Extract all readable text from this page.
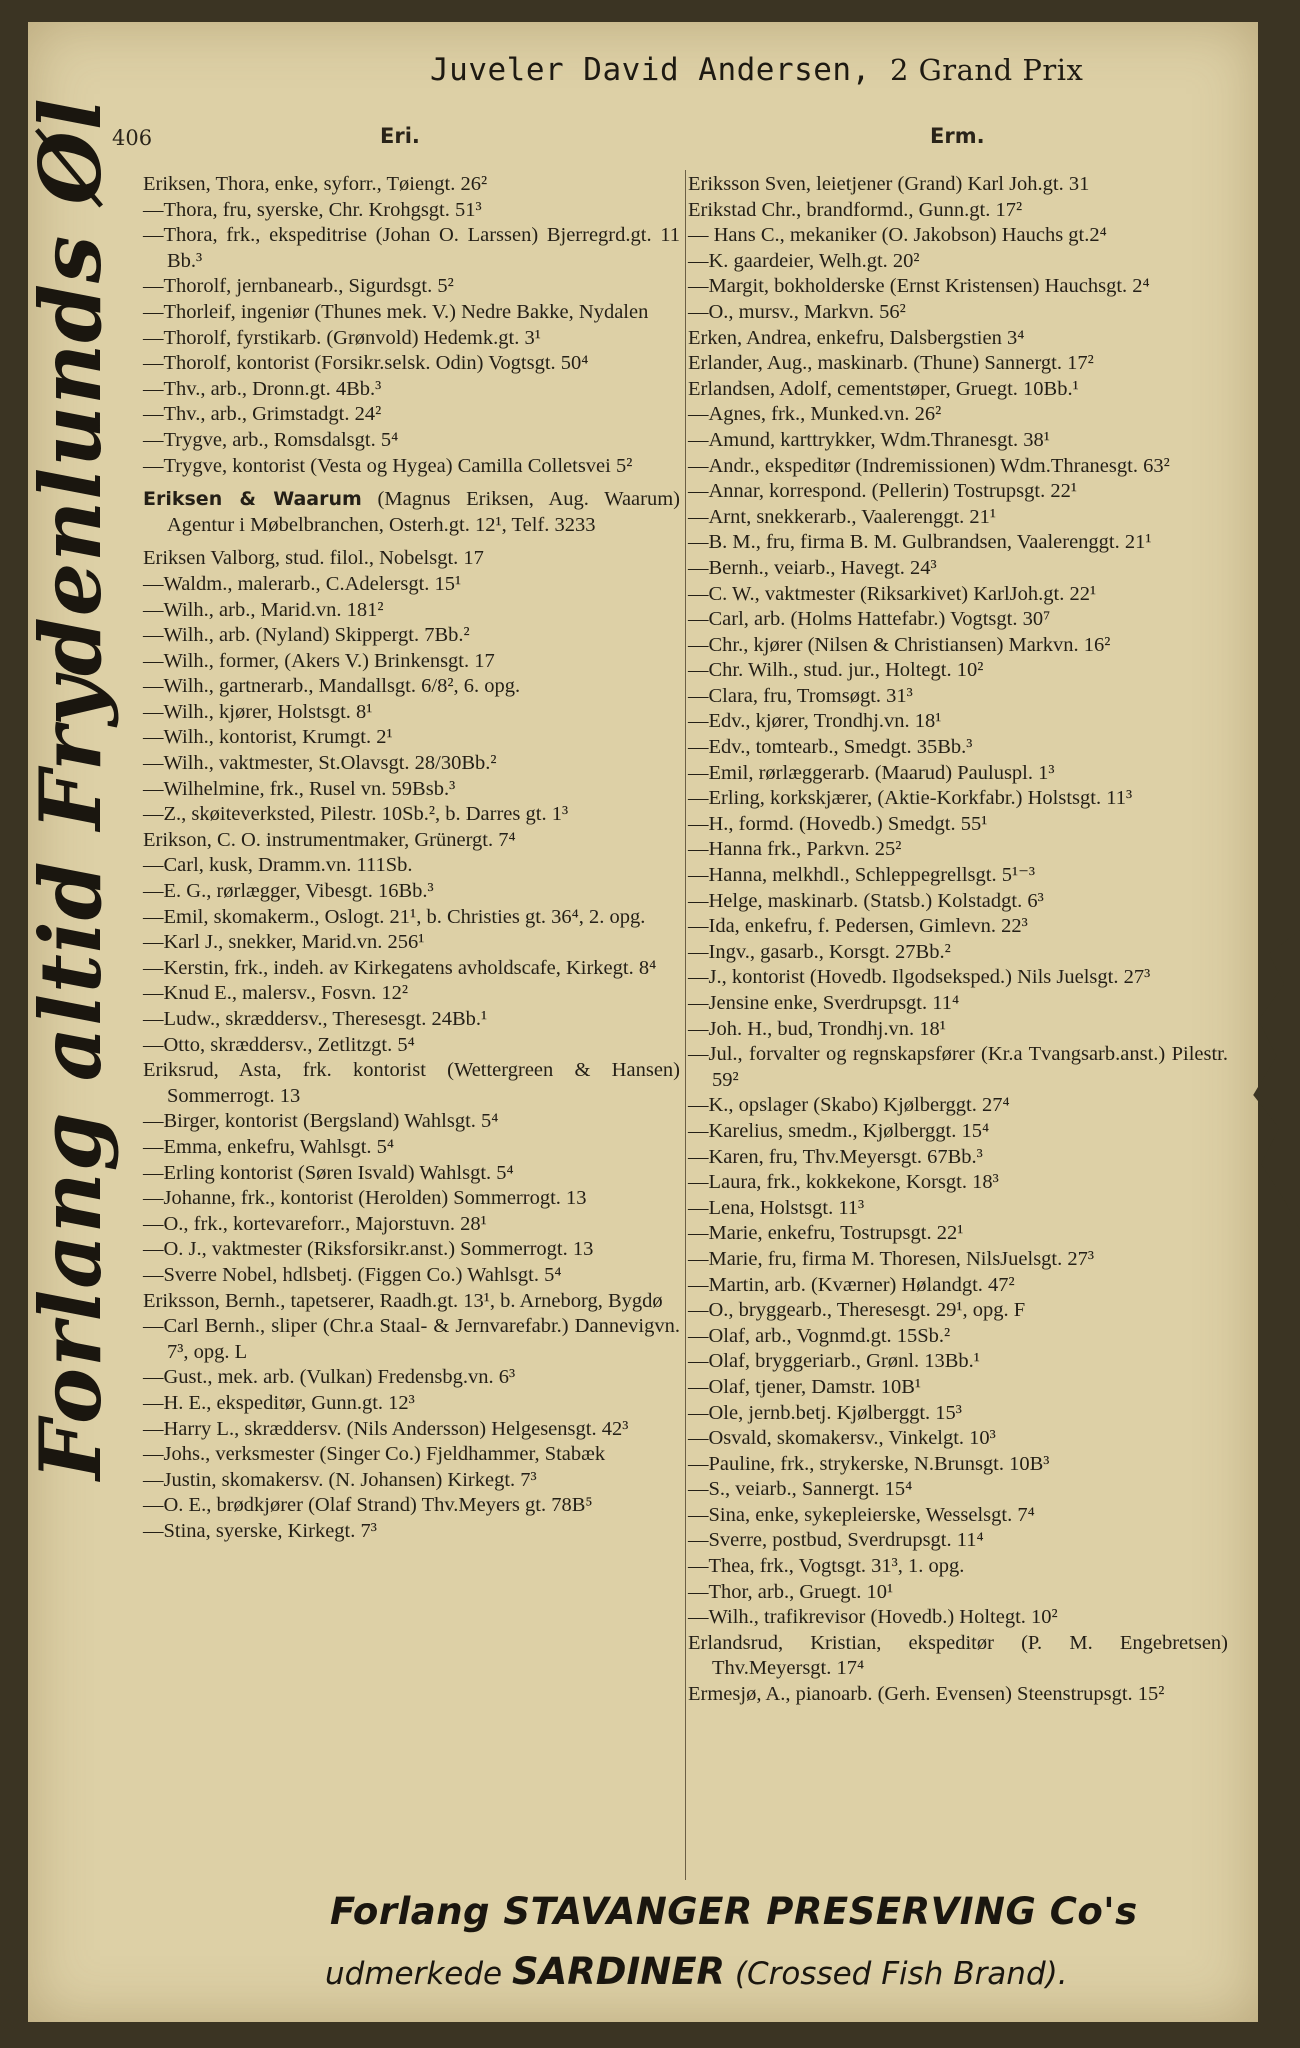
Juveler David Andersen, 2 Grand Prix
406	Eri.	Erm.
Forlang altid Frydenlunds Øl Eriksen, Thora, enke, syforr., Tøiengt. 26²
—Thora, fru, syerske, Chr. Krohgsgt. 51³
—Thora, frk., ekspeditrise (Johan O. Larssen) Bjerregrd.gt. 11 Bb.³
—Thorolf, jernbanearb., Sigurdsgt. 5²
—Thorleif, ingeniør (Thunes mek. V.) Nedre Bakke, Nydalen
—Thorolf, fyrstikarb. (Grønvold) Hedemk.gt. 3¹
—Thorolf, kontorist (Forsikr.selsk. Odin) Vogtsgt. 50⁴
—Thv., arb., Dronn.gt. 4Bb.³
—Thv., arb., Grimstadgt. 24²
—Trygve, arb., Romsdalsgt. 5⁴
—Trygve, kontorist (Vesta og Hygea) Camilla Colletsvei 5²
Eriksen & Waarum (Magnus Eriksen, Aug. Waarum) Agentur i Møbelbranchen, Osterh.gt. 12¹, Telf. 3233
Eriksen Valborg, stud. filol., Nobelsgt. 17
—Waldm., malerarb., C.Adelersgt. 15¹
—Wilh., arb., Marid.vn. 181²
—Wilh., arb. (Nyland) Skippergt. 7Bb.²
—Wilh., former, (Akers V.) Brinkensgt. 17
—Wilh., gartnerarb., Mandallsgt. 6/8², 6. opg.
—Wilh., kjører, Holstsgt. 8¹
—Wilh., kontorist, Krumgt. 2¹
—Wilh., vaktmester, St.Olavsgt. 28/30Bb.²
—Wilhelmine, frk., Rusel vn. 59Bsb.³
—Z., skøiteverksted, Pilestr. 10Sb.², b. Darres gt. 1³
Erikson, C. O. instrumentmaker, Grünergt. 7⁴
—Carl, kusk, Dramm.vn. 111Sb.
—E. G., rørlægger, Vibesgt. 16Bb.³
—Emil, skomakerm., Oslogt. 21¹, b. Christies gt. 36⁴, 2. opg.
—Karl J., snekker, Marid.vn. 256¹
—Kerstin, frk., indeh. av Kirkegatens avholdscafe, Kirkegt. 8⁴
—Knud E., malersv., Fosvn. 12²
—Ludw., skræddersv., Theresesgt. 24Bb.¹
—Otto, skræddersv., Zetlitzgt. 5⁴
Eriksrud, Asta, frk. kontorist (Wettergreen & Hansen) Sommerrogt. 13
—Birger, kontorist (Bergsland) Wahlsgt. 5⁴
—Emma, enkefru, Wahlsgt. 5⁴
—Erling kontorist (Søren Isvald) Wahlsgt. 5⁴
—Johanne, frk., kontorist (Herolden) Sommerrogt. 13
—O., frk., kortevareforr., Majorstuvn. 28¹
—O. J., vaktmester (Riksforsikr.anst.) Sommerrogt. 13
—Sverre Nobel, hdlsbetj. (Figgen Co.) Wahlsgt. 5⁴
Eriksson, Bernh., tapetserer, Raadh.gt. 13¹, b. Arneborg, Bygdø
—Carl Bernh., sliper (Chr.a Staal- & Jernvarefabr.) Dannevigvn. 7³, opg. L
—Gust., mek. arb. (Vulkan) Fredensbg.vn. 6³
—H. E., ekspeditør, Gunn.gt. 12³
—Harry L., skræddersv. (Nils Andersson) Helgesensgt. 42³
—Johs., verksmester (Singer Co.) Fjeldhammer, Stabæk
—Justin, skomakersv. (N. Johansen) Kirkegt. 7³
—O. E., brødkjører (Olaf Strand) Thv.Meyers gt. 78B⁵
—Stina, syerske, Kirkegt. 7³
Eriksson Sven, leietjener (Grand) Karl Joh.gt. 31
Erikstad Chr., brandformd., Gunn.gt. 17²
— Hans C., mekaniker (O. Jakobson) Hauchs gt.2⁴
—K. gaardeier, Welh.gt. 20²
—Margit, bokholderske (Ernst Kristensen) Hauchsgt. 2⁴
—O., mursv., Markvn. 56²
Erken, Andrea, enkefru, Dalsbergstien 3⁴
Erlander, Aug., maskinarb. (Thune) Sannergt. 17²
Erlandsen, Adolf, cementstøper, Gruegt. 10Bb.¹
—Agnes, frk., Munked.vn. 26²
—Amund, karttrykker, Wdm.Thranesgt. 38¹
—Andr., ekspeditør (Indremissionen) Wdm.Thranesgt. 63²
—Annar, korrespond. (Pellerin) Tostrupsgt. 22¹
—Arnt, snekkerarb., Vaalerenggt. 21¹
—B. M., fru, firma B. M. Gulbrandsen, Vaalerenggt. 21¹
—Bernh., veiarb., Havegt. 24³
—C. W., vaktmester (Riksarkivet) KarlJoh.gt. 22¹
—Carl, arb. (Holms Hattefabr.) Vogtsgt. 30⁷
—Chr., kjører (Nilsen & Christiansen) Markvn. 16²
—Chr. Wilh., stud. jur., Holtegt. 10²
—Clara, fru, Tromsøgt. 31³
—Edv., kjører, Trondhj.vn. 18¹
—Edv., tomtearb., Smedgt. 35Bb.³
—Emil, rørlæggerarb. (Maarud) Pauluspl. 1³
—Erling, korkskjærer, (Aktie-Korkfabr.) Holstsgt. 11³
—H., formd. (Hovedb.) Smedgt. 55¹
—Hanna frk., Parkvn. 25²
—Hanna, melkhdl., Schleppegrellsgt. 5¹⁻³
—Helge, maskinarb. (Statsb.) Kolstadgt. 6³
—Ida, enkefru, f. Pedersen, Gimlevn. 22³
—Ingv., gasarb., Korsgt. 27Bb.²
—J., kontorist (Hovedb. Ilgodseksped.) Nils Juelsgt. 27³
—Jensine enke, Sverdrupsgt. 11⁴
—Joh. H., bud, Trondhj.vn. 18¹
—Jul., forvalter og regnskapsfører (Kr.a Tvangsarb.anst.) Pilestr. 59²
—K., opslager (Skabo) Kjølberggt. 27⁴
—Karelius, smedm., Kjølberggt. 15⁴
—Karen, fru, Thv.Meyersgt. 67Bb.³
—Laura, frk., kokkekone, Korsgt. 18³
—Lena, Holstsgt. 11³
—Marie, enkefru, Tostrupsgt. 22¹
—Marie, fru, firma M. Thoresen, NilsJuelsgt. 27³
—Martin, arb. (Kværner) Hølandgt. 47²
—O., bryggearb., Theresesgt. 29¹, opg. F
—Olaf, arb., Vognmd.gt. 15Sb.²
—Olaf, bryggeriarb., Grønl. 13Bb.¹
—Olaf, tjener, Damstr. 10B¹
—Ole, jernb.betj. Kjølberggt. 15³
—Osvald, skomakersv., Vinkelgt. 10³
—Pauline, frk., strykerske, N.Brunsgt. 10B³
—S., veiarb., Sannergt. 15⁴
—Sina, enke, sykepleierske, Wesselsgt. 7⁴
—Sverre, postbud, Sverdrupsgt. 11⁴
—Thea, frk., Vogtsgt. 31³, 1. opg.
—Thor, arb., Gruegt. 10¹
—Wilh., trafikrevisor (Hovedb.) Holtegt. 10²
Erlandsrud, Kristian, ekspeditør (P. M. Engebretsen) Thv.Meyersgt. 17⁴
Ermesjø, A., pianoarb. (Gerh. Evensen) Steenstrupsgt. 15²
Forlang STAVANGER PRESERVING Co's
udmerkede SARDINER (Crossed Fish Brand).
